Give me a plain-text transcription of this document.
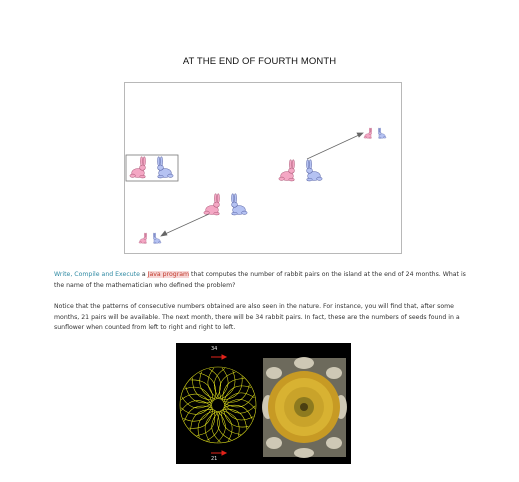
AT THE END OF FOURTH MONTH
Write, Compile and Execute a Java program that computes the number of rabbit pairs on the island at the end of 24 months. What is the name of the mathematician who defined the problem?
Notice that the patterns of consecutive numbers obtained are also seen in the nature. For instance, you will find that, after some months, 21 pairs will be available. The next month, there will be 34 rabbit pairs. In fact, these are the numbers of seeds found in a sunflower when counted from left to right and right to left.
34
21
